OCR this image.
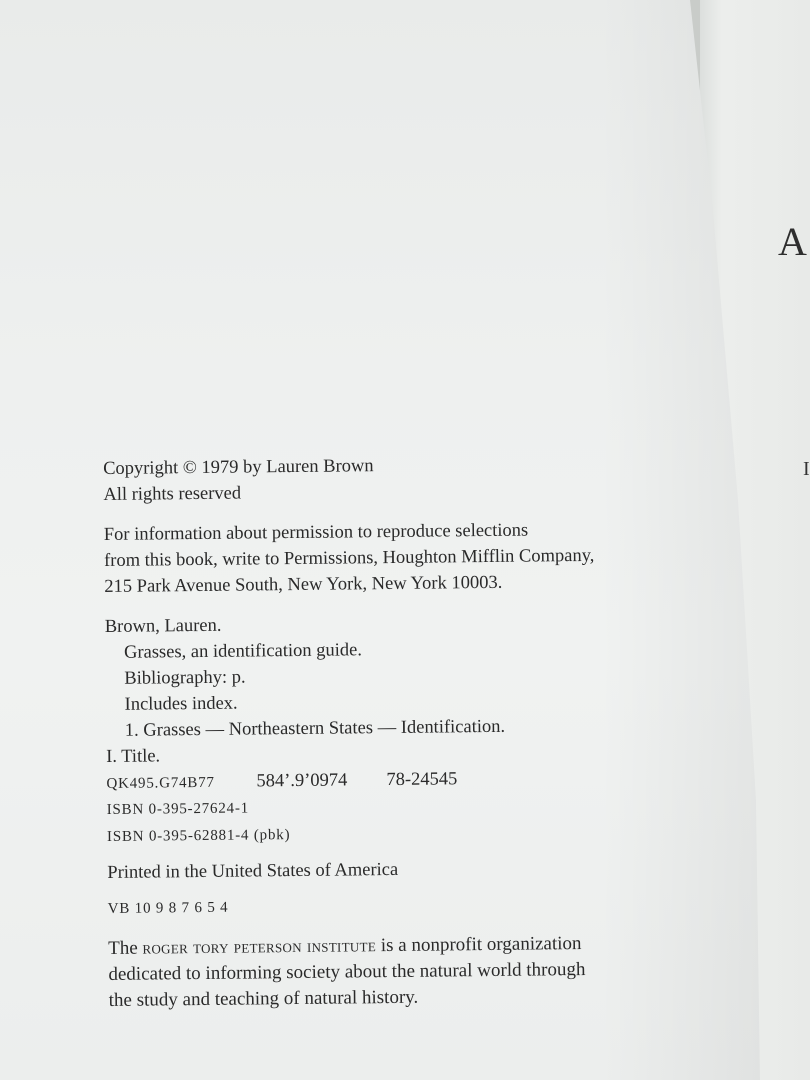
A
I

Copyright © 1979 by Lauren Brown

All rights reserved

For information about permission to reproduce selections

from this book, write to Permissions, Houghton Mifflin Company,

215 Park Avenue South, New York, New York 10003.

Brown, Lauren.

Grasses, an identification guide.

Bibliography: p.

Includes index.

1. Grasses — Northeastern States — Identification.

I. Title.

QK495.G74B77 584’.9’0974 78-24545

ISBN 0-395-27624-1

ISBN 0-395-62881-4 (pbk)

Printed in the United States of America

VB 10 9 8 7 6 5 4

The roger tory peterson institute is a nonprofit organization

dedicated to informing society about the natural world through

the study and teaching of natural history.
